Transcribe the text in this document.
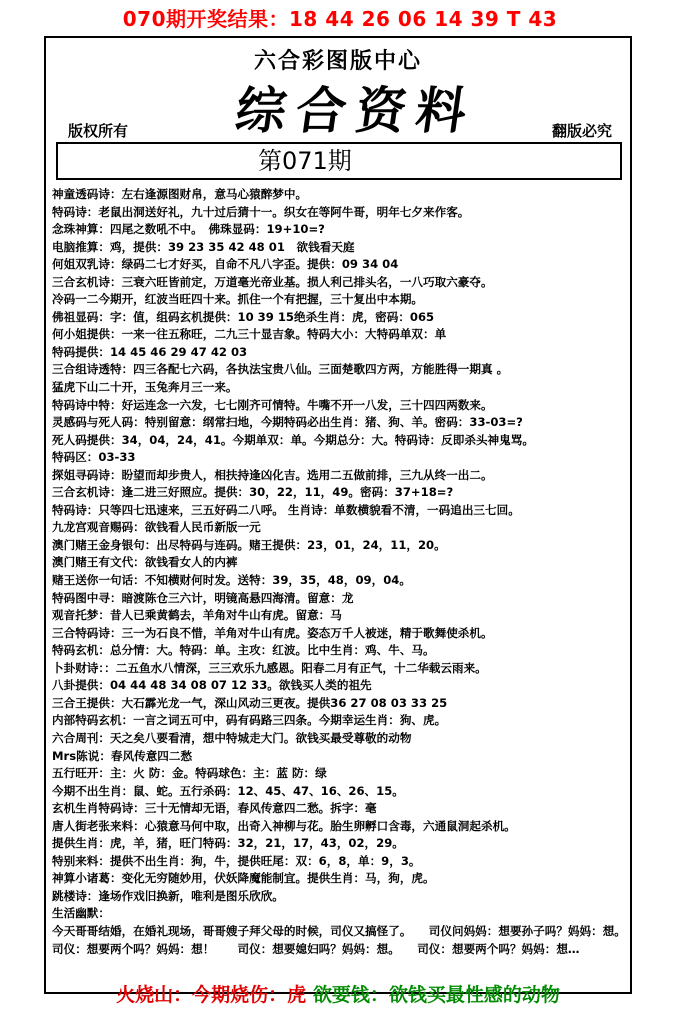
070期开奖结果：18 44 26 06 14 39 T 43
六合彩图版中心
综合资料
版权所有	翻版必究
第071期
神童透码诗：左右逢源图财帛，意马心猿醉梦中。
特码诗：老鼠出洞送好礼，九十过后猜十一。织女在等阿牛哥，明年七夕来作客。
念珠神算：四尾之数吼不中。　佛珠显码：19+10=?
电脑推算：鸡，提供：39 23 35 42 48 01　欲钱看天庭
何姐双乳诗：绿码二七才好买，自命不凡八字歪。提供：09 34 04
三合玄机诗：三衰六旺皆前定，万道毫光帝业基。损人利己排头名，一八巧取六豪夺。
冷码一二今期开，红波当旺四十来。抓住一个有把握，三十复出中本期。
佛祖显码：字：值，组码玄机提供：10 39 15绝杀生肖：虎，密码：065
何小姐提供：一来一往五称旺，二九三十显吉象。特码大小：大特码单双：单
特码提供：14 45 46 29 47 42 03
三合组诗透特：四三各配七六码，各执法宝贵八仙。三面楚歌四方两，方能胜得一期真 。
猛虎下山二十开，玉兔奔月三一来。
特码诗中特：好运连念一六发，七七刚齐可情特。牛嘴不开一八发，三十四四两数来。
灵感码与死人码：特别留意：纲常扫地，今期特码必出生肖：猪、狗、羊。密码：33-03=?
死人码提供：34，04，24，41。今期单双：单。今期总分：大。特码诗：反即杀头神鬼骂。
特码区：03-33
探姐寻码诗：盼望而却步贵人，相扶持逢凶化吉。选用二五做前排，三九从终一出二。
三合玄机诗：逢二进三好照应。提供：30，22，11，49。密码：37+18=?
特码诗：只等四七迅速来，三五好码二八呼。 生肖诗：单数横貌看不清，一码追出三七回。
九龙宫观音赐码：欲钱看人民币新版一元
澳门赌王金身银句：出尽特码与连码。赌王提供：23，01，24，11，20。
澳门赌王有文代：欲钱看女人的内裤
赌王送你一句话：不知横财何时发。送特：39，35，48，09，04。
特码图中寻：暗渡陈仓三六计，明镜高悬四海清。留意：龙
观音托梦：昔人已乘黄鹤去，羊角对牛山有虎。留意：马
三合特码诗：三一为石良不惜，羊角对牛山有虎。姿态万千人被迷，精于歌舞使杀机。
特码玄机：总分情：大。特码：单。主攻：红波。比中生肖：鸡、牛、马。
卜卦财诗：：二五鱼水八情深，三三欢乐九感恩。阳春二月有正气，十二华载云雨来。
八卦提供：04 44 48 34 08 07 12 33。欲钱买人类的祖先
三合王提供：大石霹光龙一气，深山风动三更夜。提供36 27 08 03 33 25
内部特码玄机：一言之词五可中，码有码路三四条。今期幸运生肖：狗、虎。
六合周刊：天之矣八要看清，想中特城走大门。欲钱买最受尊敬的动物
Mrs陈说：春风传意四二愁
五行旺开：主：火 防：金。特码球色：主：蓝 防：绿
今期不出生肖：鼠、蛇。五行杀码：12、45、47、16、26、15。
玄机生肖特码诗：三十无情却无语，春风传意四二愁。拆字：毫
唐人街老张来料：心猿意马何中取，出奇入神柳与花。胎生卵孵口含毒，六通鼠洞起杀机。
提供生肖：虎，羊，猪，旺门特码：32，21，17，43，02，29。
特别来料：提供不出生肖：狗，牛，提供旺尾：双：6，8，单：9，3。
神算小诸葛：变化无穷随妙用，伏妖降魔能制宜。提供生肖：马，狗，虎。
跳楼诗：逢场作戏旧换新，唯利是图乐欣欣。
生活幽默：
今天哥哥结婚，在婚礼现场，哥哥嫂子拜父母的时候，司仪又搞怪了。　　司仪问妈妈：想要孙子吗？妈妈：想。　司仪：想要两个吗？妈妈：想！　　司仪：想要媳妇吗？妈妈：想。　　司仪：想要两个吗？妈妈：想…
火烧山：今期烧伤：虎 欲要钱：欲钱买最性感的动物
